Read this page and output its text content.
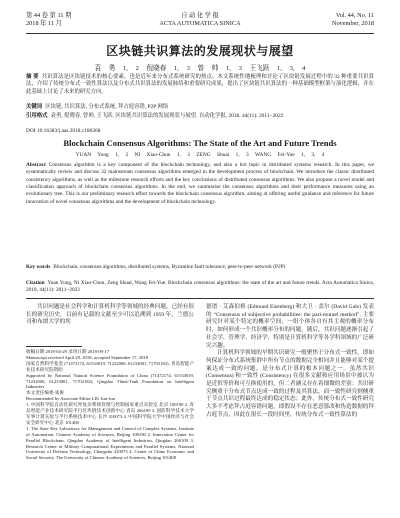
第 44 卷 第 11 期	自 动 化 学 报	Vol. 44, No. 11
2018 年 11 月	ACTA AUTOMATICA SINICA	November, 2018
区块链共识算法的发展现状与展望
袁 勇 1, 2 倪晓春 1, 3 曾 帅 1, 3 王飞跃 1, 3, 4
摘 要 共识算法是区块链技术的核心要素，也是近年来分布式系统研究的热点。本文系统性地梳理和讨论了区块链发展过程中的 32 种重要共识算法，介绍了传统分布式一致性算法以及分布式共识算法的发展脉络和重要研究成果，提出了区块链共识算法的一种基础模型框架与演化逻辑，并在此基础上讨论了未来的研究方向。
关键词 区块链, 共识算法, 分布式系统, 拜占庭容错, P2P 网络
引用格式 袁勇, 倪晓春, 曾帅, 王飞跃. 区块链共识算法的发展现状与展望. 自动化学报, 2018, 44(11): 2011−2022
DOI 10.16383/j.aas.2018.c180268
Blockchain Consensus Algorithms: The State of the Art and Future Trends
YUAN Yong 1, 2 NI Xiao-Chun 1, 3 ZENG Shuai 1, 3 WANG Fei-Yue 1, 3, 4
Abstract Consensus algorithm is a key component of the blockchain technology, and also a hot topic in distributed systems research. In this paper, we systematically review and discuss 32 mainstream consensus algorithms emerged in the development process of blockchain. We introduce the classic distributed consistency algorithms, as well as the milestone research efforts and the key conclusions of distributed consensus algorithms. We also propose a novel model and classification approach of blockchain consensus algorithms. In the end, we summarize the consensus algorithms and their performance measures using an evolutionary tree. This is our preliminary research effort towards the blockchain consensus algorithm, aiming at offering useful guidance and reference for future innovation of novel consensus algorithms and the development of blockchain technology.
Key words Blockchain, consensus algorithms, distributed systems, Byzantine fault tolerance, peer-to-peer network (P2P)
Citation Yuan Yong, Ni Xiao-Chun, Zeng Shuai, Wang Fei-Yue. Blockchain consensus algorithms: the state of the art and future trends. Acta Automatica Sinica, 2018, 44(11): 2011−2022

共识问题是社会科学和计算机科学等领域的经典问题，已经有很长的研究历史。目前有记载的文献至少可以追溯到 1959 年，兰德公司和布朗大学的埃

收稿日期 2018-04-29 录用日期 2018-09-17

Manuscript received April 29, 2018; accepted September 17, 2018

国家自然科学基金 (71472174, 61533019, 71232006, 61233001, 71702182), 青岛智能产业技术研究院资助

Supported by National Natural Science Foundation of China (71472174, 61533019, 71232006, 61233001, 71702182), Qingdao Think-Tank Foundation on Intelligent Industries

本文责任编委 张俊

Recommended by Associate Editor LIU Jun-Jun

1. 中国科学院自动化研究所复杂系统管理与控制国家重点实验室 北京 100190 2. 青岛智能产业技术研究院平行区块链技术创新中心 青岛 266109 3. 国防科学技术大学军事计算实验与平行系统技术中心 长沙 410073 4. 中国科学院大学中国经济与社会安全研究中心 北京 101408

1. The State Key Laboratory for Management and Control of Complex Systems, Institute of Automation, Chinese Academy of Sciences, Beijing 100190 2. Innovation Center for Parallel Blockchain, Qingdao Academy of Intelligent Industries, Qingdao 266109 3. Research Center of Military Computational Experiments and Parallel Systems, National University of Defense Technology, Changsha 410073 4. Center of China Economic and Social Security, The University of Chinese Academy of Sciences, Beijing 101408

德谱 · 艾森伯格 (Edmund Eisenberg) 和大卫 · 盖尔 (David Gale) 发表的 “Consensus of subjective probabilities: the pari-mutuel method”, 主要研究针对某个特定的概率空间，一组个体各自有其主观的概率分布时，如何形成一个共识概率分布的问题。随后，共识问题逐渐引起了社会学、管理学、经济学，特别是计算机科学等各学科领域的广泛研究兴趣。

计算机科学领域的早期共识研究一般聚焦于分布式一致性，即如何保证分布式系统集群中所有节点的数据完全相同并且能够对某个提案达成一致的问题，是分布式计算的根本问题之一。虽然共识 (Consensus) 和一致性 (Consistency) 在很多文献和应用场景中被认为是近似等价和可互换使用的，但二者涵义存在着细微的差别：共识研究侧重于分布式节点达成一致的过程及其算法，而一致性研究则侧重于节点共识过程最终达成的稳定状态；此外，传统分布式一致性研究大多不考虑拜占庭容错问题，即假设不存在恶意篡改和伪造数据的拜占庭节点，因此在很长一段时间里，传统分布式一致性算法的
